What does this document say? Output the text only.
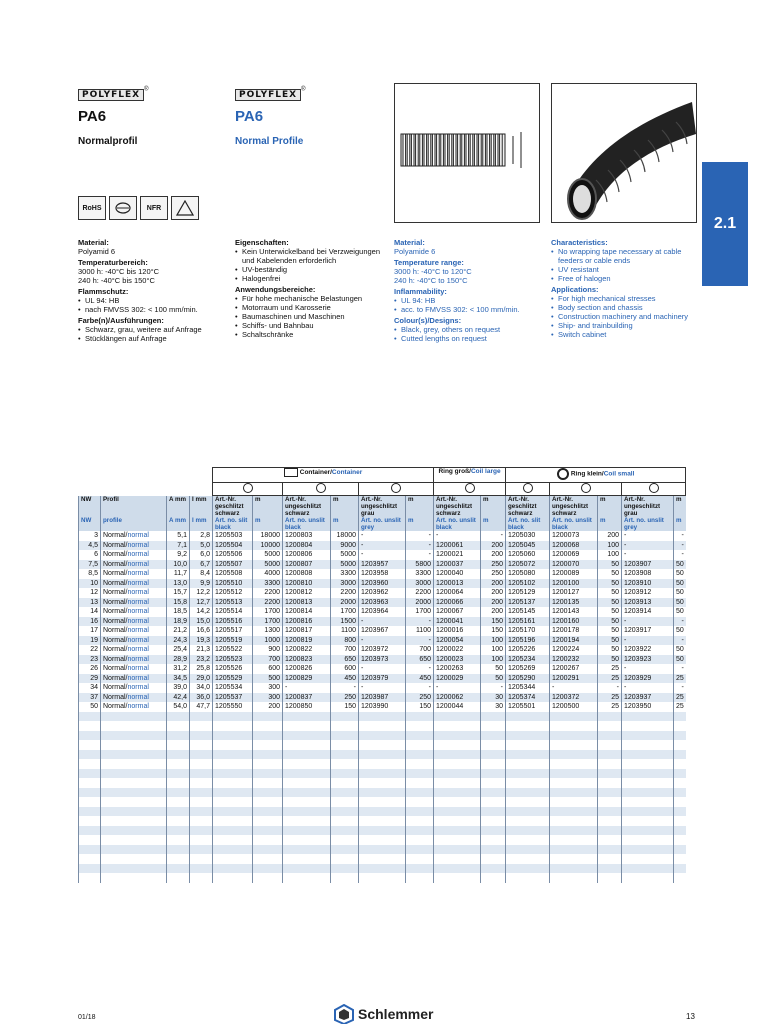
POLYFLEX®
PA6
Normalprofil
POLYFLEX®
PA6
Normal Profile
2.1
RoHS	NFR
Material:
Polyamid 6
Temperaturbereich:
3000 h: -40°C bis 120°C
240 h: -40°C bis 150°C
Flammschutz:
• UL 94: HB
• nach FMVSS 302: < 100 mm/min.
Farbe(n)/Ausführungen:
• Schwarz, grau, weitere auf Anfrage
• Stücklängen auf Anfrage
Eigenschaften:
• Kein Unterwickelband bei Verzweigungen und Kabelenden erforderlich
• UV-beständig
• Halogenfrei
Anwendungsbereiche:
• Für hohe mechanische Belastungen
• Motorraum und Karosserie
• Baumaschinen und Maschinen
• Schiffs- und Bahnbau
• Schaltschränke
Material:
Polyamide 6
Temperature range:
3000 h: -40°C to 120°C
240 h: -40°C to 150°C
Inflammability:
• UL 94: HB
• acc. to FMVSS 302: < 100 mm/min.
Colour(s)/Designs:
• Black, grey, others on request
• Cutted lengths on request
Characteristics:
• No wrapping tape necessary at cable feeders or cable ends
• UV resistant
• Free of halogen
Applications:
• For high mechanical stresses
• Body section and chassis
• Construction machinery and machinery
• Ship- and trainbuilding
• Switch cabinet
				Container/Container						Ring groß/Coil large		Ring klein/Coil small				

NW	Profil	A mm	I mm	Art.-Nr. geschlitzt schwarz	m	Art.-Nr. ungeschlitzt schwarz	m	Art.-Nr. ungeschlitzt grau	m	Art.-Nr. ungeschlitzt schwarz	m	Art.-Nr. geschlitzt schwarz	Art.-Nr. ungeschlitzt schwarz	m	Art.-Nr. ungeschlitzt grau	m
NW	profile	A mm	I mm	Art. no. slit black	m	Art. no. unslit black	m	Art. no. unslit grey	m	Art. no. unslit black	m	Art. no. slit black	Art. no. unslit black	m	Art. no. unslit grey	m
3	Normal/normal	5,1	2,8	1205503	18000	1200803	18000	-	-	-	-	1205030	1200073	200	-	-
4,5	Normal/normal	7,1	5,0	1205504	10000	1200804	9000	-	-	1200061	200	1205045	1200068	100	-	-
6	Normal/normal	9,2	6,0	1205506	5000	1200806	5000	-	-	1200021	200	1205060	1200069	100	-	-
7,5	Normal/normal	10,0	6,7	1205507	5000	1200807	5000	1203957	5800	1200037	250	1205072	1200070	50	1203907	50
8,5	Normal/normal	11,7	8,4	1205508	4000	1200808	3300	1203958	3300	1200040	250	1205080	1200089	50	1203908	50
10	Normal/normal	13,0	9,9	1205510	3300	1200810	3000	1203960	3000	1200013	200	1205102	1200100	50	1203910	50
12	Normal/normal	15,7	12,2	1205512	2200	1200812	2200	1203962	2200	1200064	200	1205129	1200127	50	1203912	50
13	Normal/normal	15,8	12,7	1205513	2200	1200813	2000	1203963	2000	1200066	200	1205137	1200135	50	1203913	50
14	Normal/normal	18,5	14,2	1205514	1700	1200814	1700	1203964	1700	1200067	200	1205145	1200143	50	1203914	50
16	Normal/normal	18,9	15,0	1205516	1700	1200816	1500	-	-	1200041	150	1205161	1200160	50	-	-
17	Normal/normal	21,2	16,6	1205517	1300	1200817	1100	1203967	1100	1200016	150	1205170	1200178	50	1203917	50
19	Normal/normal	24,3	19,3	1205519	1000	1200819	800	-	-	1200054	100	1205196	1200194	50	-	-
22	Normal/normal	25,4	21,3	1205522	900	1200822	700	1203972	700	1200022	100	1205226	1200224	50	1203922	50
23	Normal/normal	28,9	23,2	1205523	700	1200823	650	1203973	650	1200023	100	1205234	1200232	50	1203923	50
26	Normal/normal	31,2	25,8	1205526	600	1200826	600	-	-	1200263	50	1205269	1200267	25	-	-
29	Normal/normal	34,5	29,0	1205529	500	1200829	450	1203979	450	1200029	50	1205290	1200291	25	1203929	25
34	Normal/normal	39,0	34,0	1205534	300	-	-	-	-	-	-	1205344	-	-	-	-
37	Normal/normal	42,4	36,0	1205537	300	1200837	250	1203987	250	1200062	30	1205374	1200372	25	1203937	25
50	Normal/normal	54,0	47,7	1205550	200	1200850	150	1203990	150	1200044	30	1205501	1200500	25	1203950	25

01/18	Schlemmer	13
